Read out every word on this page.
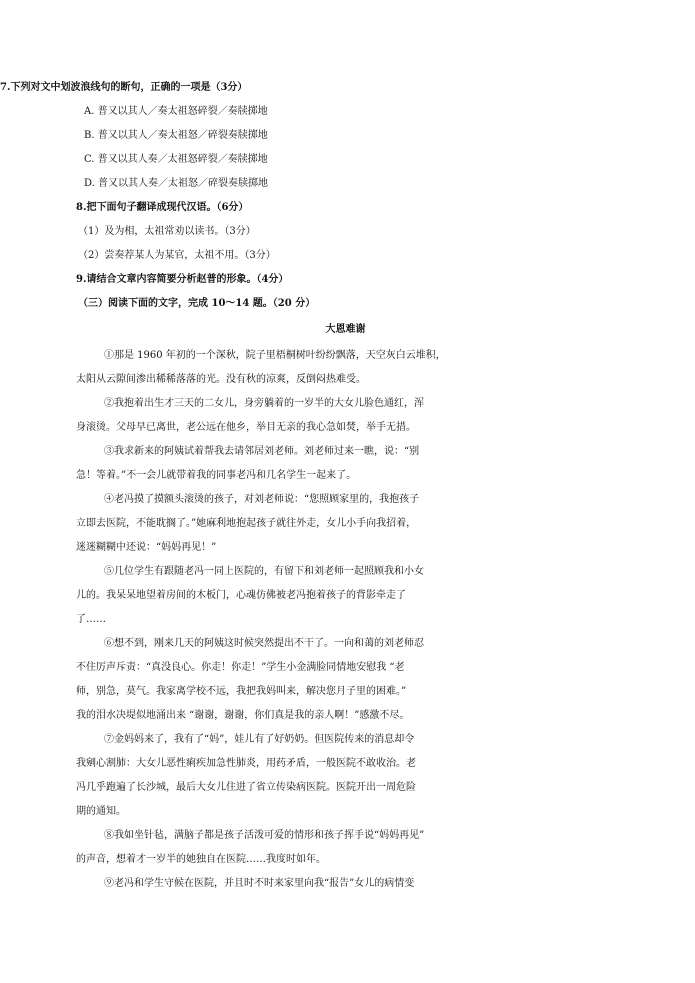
7.下列对文中划波浪线句的断句，正确的一项是（3分）
A. 普又以其人／奏太祖怒碎裂／奏牍掷地
B. 普又以其人／奏太祖怒／碎裂奏牍掷地
C. 普又以其人奏／太祖怒碎裂／奏牍掷地
D. 普又以其人奏／太祖怒／碎裂奏牍掷地
8.把下面句子翻译成现代汉语。（6分）
（1）及为相，太祖常劝以读书。（3分）
（2）尝奏荐某人为某官，太祖不用。（3分）
9.请结合文章内容简要分析赵普的形象。（4分）
（三）阅读下面的文字，完成 10～14 题。（20 分）
大恩难谢
①那是 1960 年初的一个深秋，院子里梧桐树叶纷纷飘落，天空灰白云堆积，
太阳从云隙间渗出稀稀落落的光。没有秋的凉爽，反倒闷热难受。
②我抱着出生才三天的二女儿，身旁躺着的一岁半的大女儿脸色通红，浑
身滚烫。父母早已离世，老公远在他乡，举目无亲的我心急如焚，举手无措。
③我求新来的阿姨试着帮我去请邻居刘老师。刘老师过来一瞧，说：“别
急！等着。”不一会儿就带着我的同事老冯和几名学生一起来了。
④老冯摸了摸额头滚烫的孩子，对刘老师说：“您照顾家里的，我抱孩子
立即去医院，不能耽搁了。”她麻利地抱起孩子就往外走，女儿小手向我招着，
迷迷糊糊中还说：“妈妈再见！”
⑤几位学生有跟随老冯一同上医院的，有留下和刘老师一起照顾我和小女
儿的。我呆呆地望着房间的木板门，心魂仿佛被老冯抱着孩子的背影牵走了
了……
⑥想不到，刚来几天的阿姨这时候突然提出不干了。一向和蔼的刘老师忍
不住厉声斥责：“真没良心。你走！你走！”学生小金满脸同情地安慰我 “老
师，别急，莫气。我家离学校不远，我把我妈叫来，解决您月子里的困难。”
我的泪水决堤似地涌出来 “谢谢，谢谢，你们真是我的亲人啊！”感激不尽。
⑦金妈妈来了，我有了“妈”，娃儿有了好奶奶。但医院传来的消息却令
我剜心割肺：大女儿恶性痢疾加急性肺炎，用药矛盾，一般医院不敢收治。老
冯几乎跑遍了长沙城，最后大女儿住进了省立传染病医院。医院开出一周危险
期的通知。
⑧我如坐针毡，满脑子都是孩子活泼可爱的情形和孩子挥手说“妈妈再见”
的声音，想着才一岁半的她独自在医院……我度时如年。
⑨老冯和学生守候在医院，并且时不时来家里向我“报告”女儿的病情变
